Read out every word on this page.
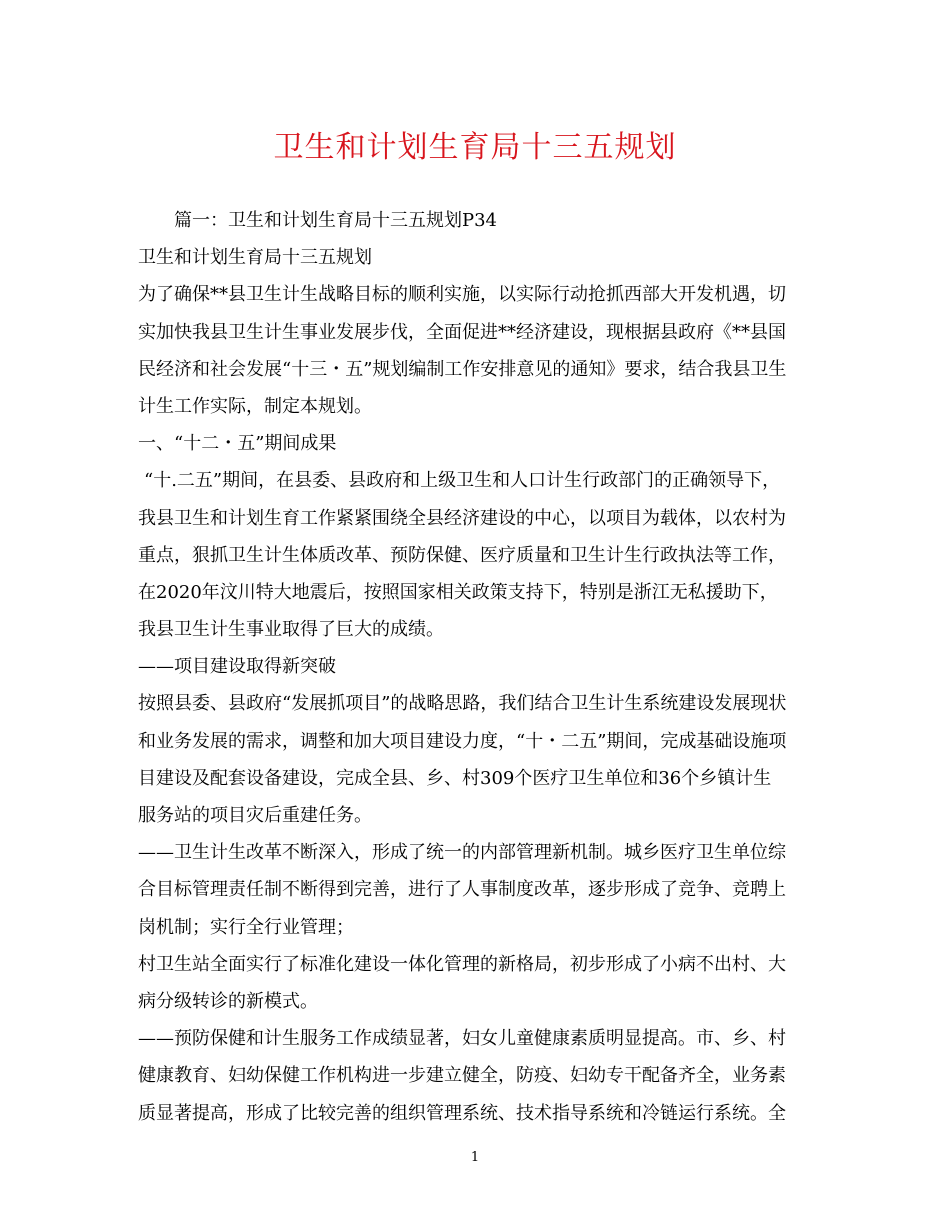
卫生和计划生育局十三五规划
篇一：卫生和计划生育局十三五规划P34
卫生和计划生育局十三五规划
为了确保**县卫生计生战略目标的顺利实施，以实际行动抢抓西部大开发机遇，切
实加快我县卫生计生事业发展步伐，全面促进**经济建设，现根据县政府《**县国
民经济和社会发展“十三・五”规划编制工作安排意见的通知》要求，结合我县卫生
计生工作实际，制定本规划。
一、“十二・五”期间成果
“十.二五”期间，在县委、县政府和上级卫生和人口计生行政部门的正确领导下，
我县卫生和计划生育工作紧紧围绕全县经济建设的中心，以项目为载体，以农村为
重点，狠抓卫生计生体质改革、预防保健、医疗质量和卫生计生行政执法等工作，
在2020年汶川特大地震后，按照国家相关政策支持下，特别是浙江无私援助下，
我县卫生计生事业取得了巨大的成绩。
——项目建设取得新突破
按照县委、县政府“发展抓项目”的战略思路，我们结合卫生计生系统建设发展现状
和业务发展的需求，调整和加大项目建设力度，“十・二五”期间，完成基础设施项
目建设及配套设备建设，完成全县、乡、村309个医疗卫生单位和36个乡镇计生
服务站的项目灾后重建任务。
——卫生计生改革不断深入，形成了统一的内部管理新机制。城乡医疗卫生单位综
合目标管理责任制不断得到完善，进行了人事制度改革，逐步形成了竞争、竞聘上
岗机制；实行全行业管理；
村卫生站全面实行了标准化建设一体化管理的新格局，初步形成了小病不出村、大
病分级转诊的新模式。
——预防保健和计生服务工作成绩显著，妇女儿童健康素质明显提高。市、乡、村
健康教育、妇幼保健工作机构进一步建立健全，防疫、妇幼专干配备齐全，业务素
质显著提高，形成了比较完善的组织管理系统、技术指导系统和冷链运行系统。全
1
